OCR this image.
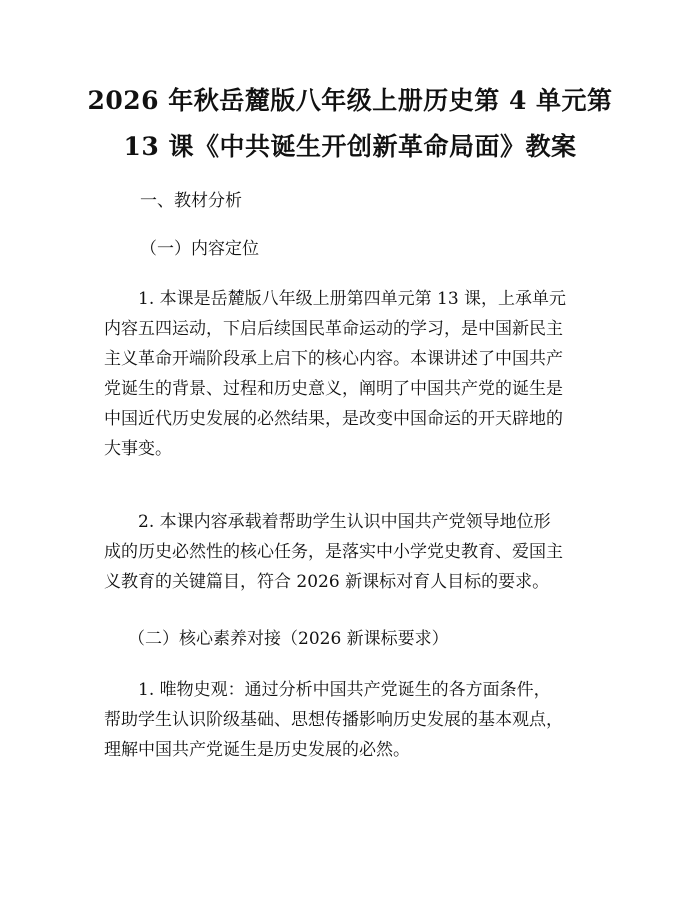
2026 年秋岳麓版八年级上册历史第 4 单元第
13 课《中共诞生开创新革命局面》教案
一、教材分析
（一）内容定位
1. 本课是岳麓版八年级上册第四单元第 13 课，上承单元
内容五四运动，下启后续国民革命运动的学习，是中国新民主
主义革命开端阶段承上启下的核心内容。本课讲述了中国共产
党诞生的背景、过程和历史意义，阐明了中国共产党的诞生是
中国近代历史发展的必然结果，是改变中国命运的开天辟地的
大事变。
2. 本课内容承载着帮助学生认识中国共产党领导地位形
成的历史必然性的核心任务，是落实中小学党史教育、爱国主
义教育的关键篇目，符合 2026 新课标对育人目标的要求。
（二）核心素养对接（2026 新课标要求）
1. 唯物史观：通过分析中国共产党诞生的各方面条件，
帮助学生认识阶级基础、思想传播影响历史发展的基本观点，
理解中国共产党诞生是历史发展的必然。
